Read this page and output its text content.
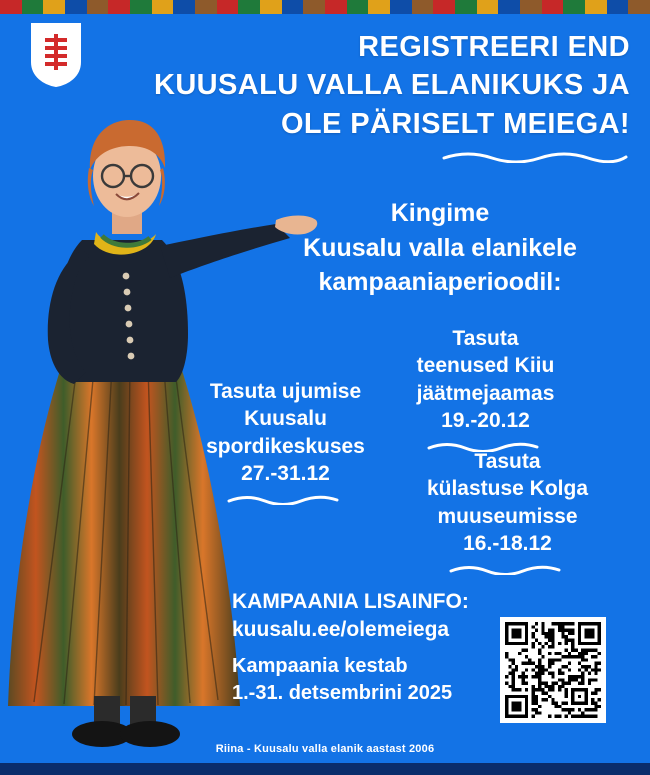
REGISTREERI END
KUUSALU VALLA ELANIKUKS JA
OLE PÄRISELT MEIEGA!
Kingime
Kuusalu valla elanikele
kampaaniaperioodil:
Tasuta ujumise
Kuusalu
spordikeskuses
27.-31.12
Tasuta
teenused Kiiu
jäätmejaamas
19.-20.12
Tasuta
külastuse Kolga
muuseumisse
16.-18.12
KAMPAANIA LISAINFO:
kuusalu.ee/olemeiega
Kampaania kestab
1.-31. detsembrini 2025
Riina - Kuusalu valla elanik aastast 2006
